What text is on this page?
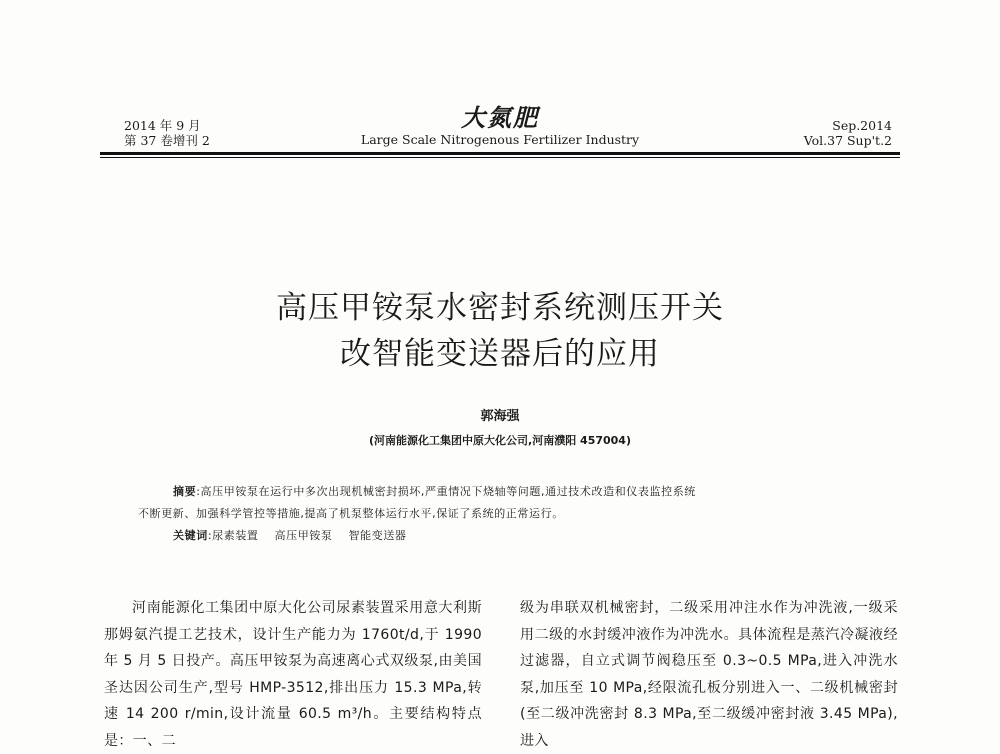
2014 年 9 月
第 37 卷增刊 2
大氮肥
Large Scale Nitrogenous Fertilizer Industry
Sep.2014
Vol.37 Sup't.2
高压甲铵泵水密封系统测压开关
改智能变送器后的应用
郭海强
(河南能源化工集团中原大化公司,河南濮阳 457004)
摘要:高压甲铵泵在运行中多次出现机械密封损坏,严重情况下烧轴等问题,通过技术改造和仪表监控系统
不断更新、加强科学管控等措施,提高了机泵整体运行水平,保证了系统的正常运行。
关键词:尿素装置 高压甲铵泵 智能变送器

河南能源化工集团中原大化公司尿素装置采用意大利斯那姆氨汽提工艺技术，设计生产能力为 1760t/d,于 1990 年 5 月 5 日投产。高压甲铵泵为高速离心式双级泵,由美国圣达因公司生产,型号 HMP-3512,排出压力 15.3 MPa,转速 14 200 r/min,设计流量 60.5 m³/h。主要结构特点是：一、二

级为串联双机械密封，二级采用冲注水作为冲洗液,一级采用二级的水封缓冲液作为冲洗水。具体流程是蒸汽冷凝液经过滤器，自立式调节阀稳压至 0.3~0.5 MPa,进入冲洗水泵,加压至 10 MPa,经限流孔板分别进入一、二级机械密封(至二级冲洗密封 8.3 MPa,至二级缓冲密封液 3.45 MPa),进入
